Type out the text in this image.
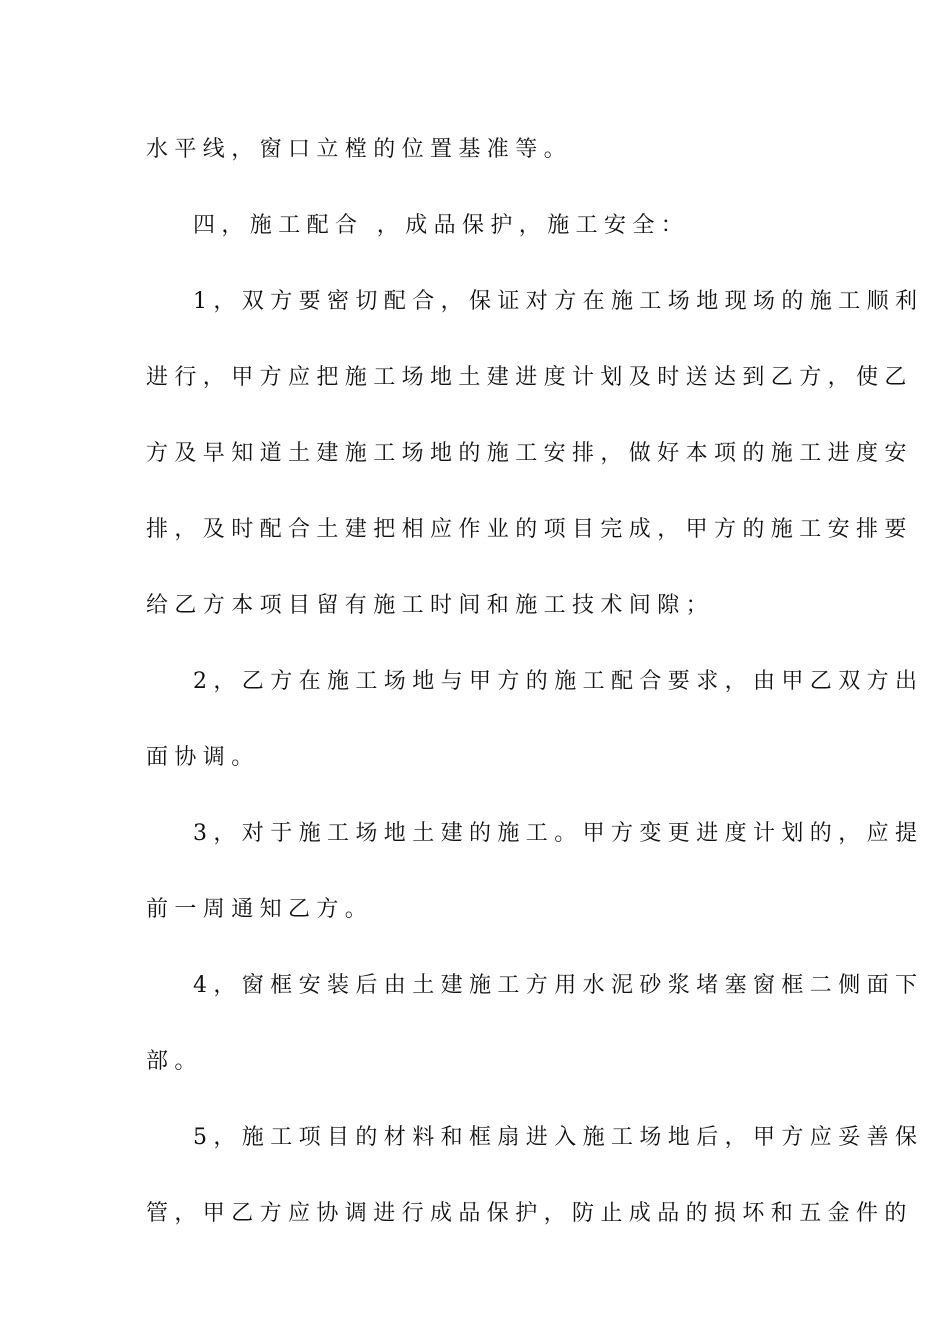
水平线，窗口立樘的位置基准等。
四，施工配合 ，成品保护，施工安全：
1，双方要密切配合，保证对方在施工场地现场的施工顺利
进行，甲方应把施工场地土建进度计划及时送达到乙方，使乙
方及早知道土建施工场地的施工安排，做好本项的施工进度安
排，及时配合土建把相应作业的项目完成，甲方的施工安排要
给乙方本项目留有施工时间和施工技术间隙；
2，乙方在施工场地与甲方的施工配合要求，由甲乙双方出
面协调。
3，对于施工场地土建的施工。甲方变更进度计划的，应提
前一周通知乙方。
4，窗框安装后由土建施工方用水泥砂浆堵塞窗框二侧面下
部。
5，施工项目的材料和框扇进入施工场地后，甲方应妥善保
管，甲乙方应协调进行成品保护，防止成品的损坏和五金件的
